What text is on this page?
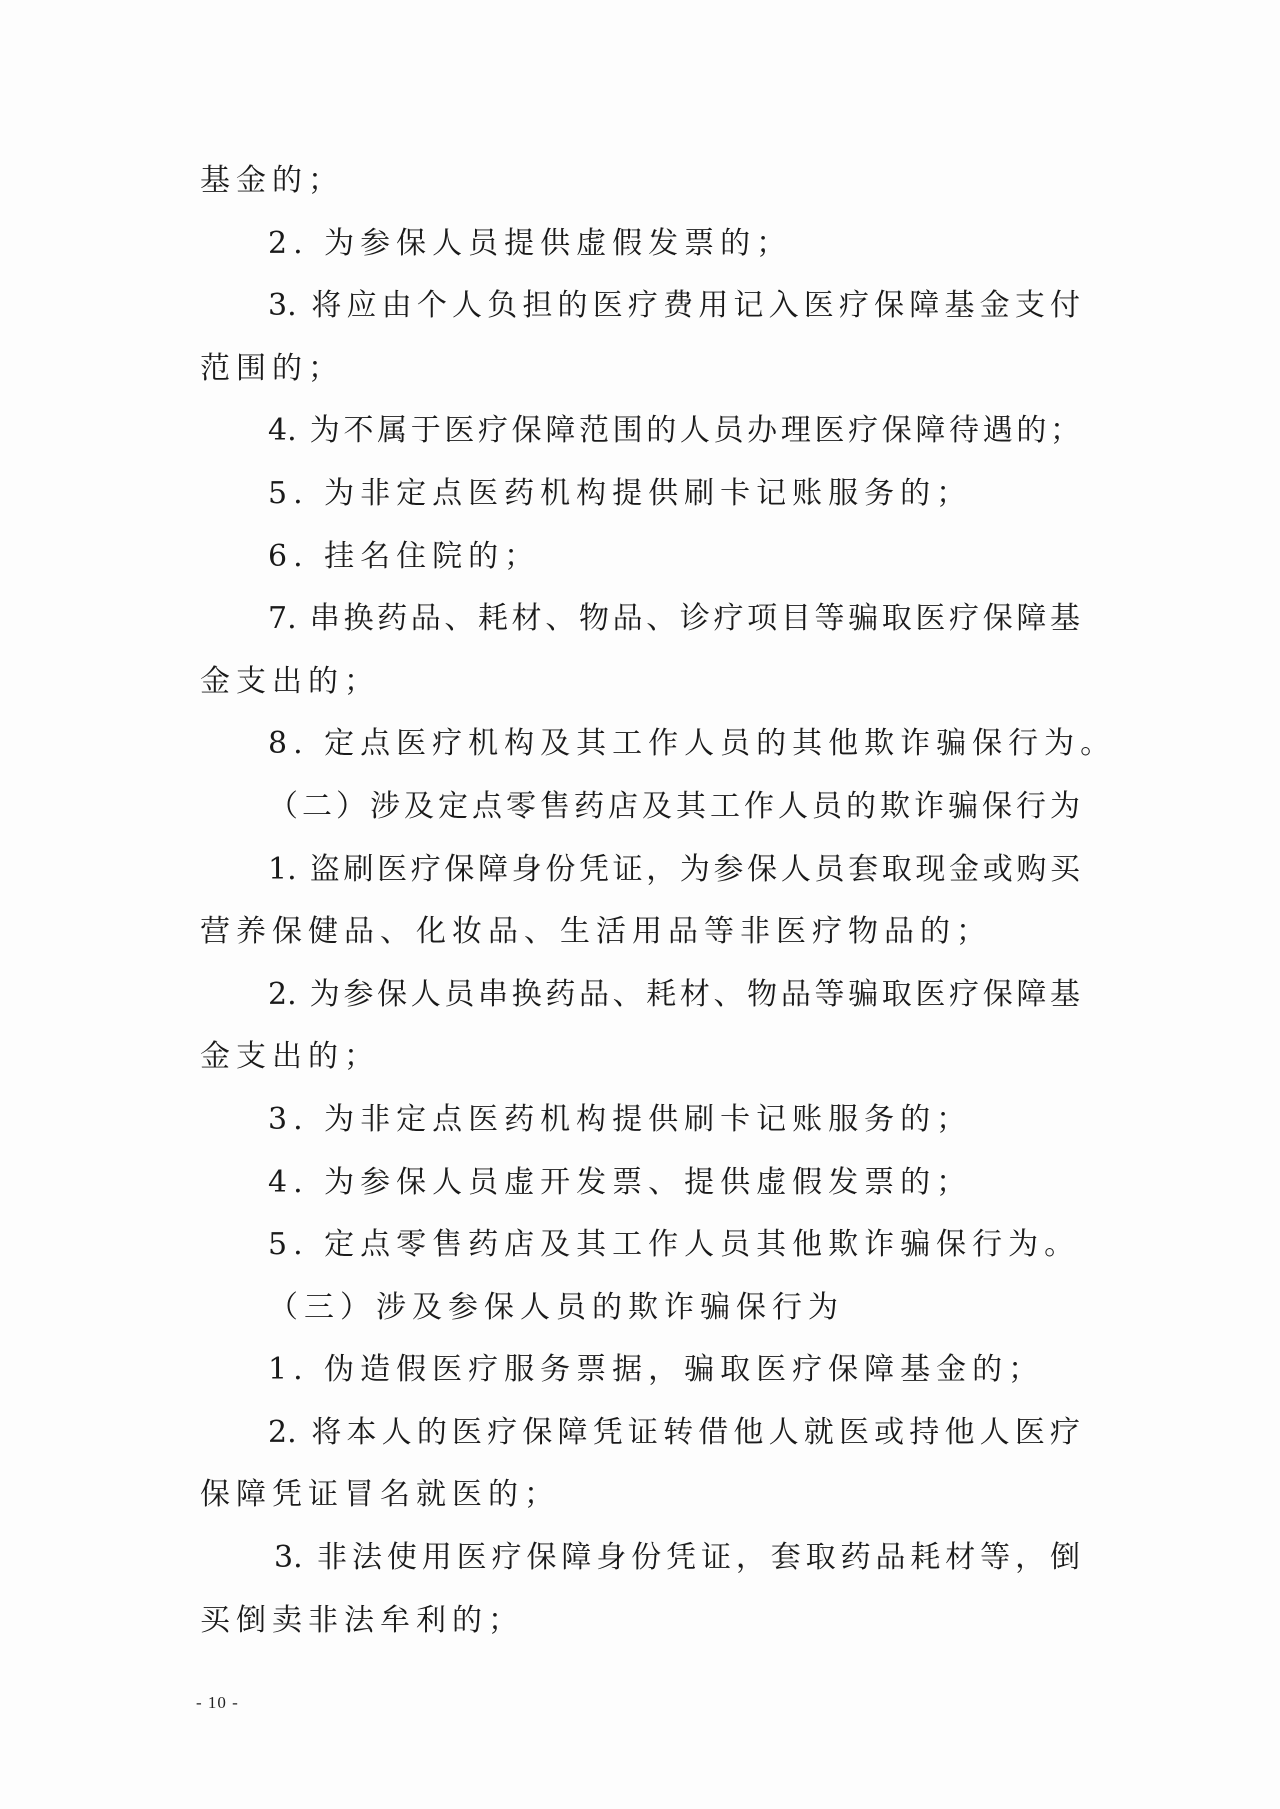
基金的；
2. 为参保人员提供虚假发票的；
3. 将应由个人负担的医疗费用记入医疗保障基金支付
范围的；
4. 为不属于医疗保障范围的人员办理医疗保障待遇的；
5. 为非定点医药机构提供刷卡记账服务的；
6. 挂名住院的；
7. 串换药品、耗材、物品、诊疗项目等骗取医疗保障基
金支出的；
8. 定点医疗机构及其工作人员的其他欺诈骗保行为。
（二）涉及定点零售药店及其工作人员的欺诈骗保行为
1. 盗刷医疗保障身份凭证，为参保人员套取现金或购买
营养保健品、化妆品、生活用品等非医疗物品的；
2. 为参保人员串换药品、耗材、物品等骗取医疗保障基
金支出的；
3. 为非定点医药机构提供刷卡记账服务的；
4. 为参保人员虚开发票、提供虚假发票的；
5. 定点零售药店及其工作人员其他欺诈骗保行为。
（三）涉及参保人员的欺诈骗保行为
1. 伪造假医疗服务票据，骗取医疗保障基金的；
2. 将本人的医疗保障凭证转借他人就医或持他人医疗
保障凭证冒名就医的；
3. 非法使用医疗保障身份凭证，套取药品耗材等，倒
买倒卖非法牟利的；
- 10 -
